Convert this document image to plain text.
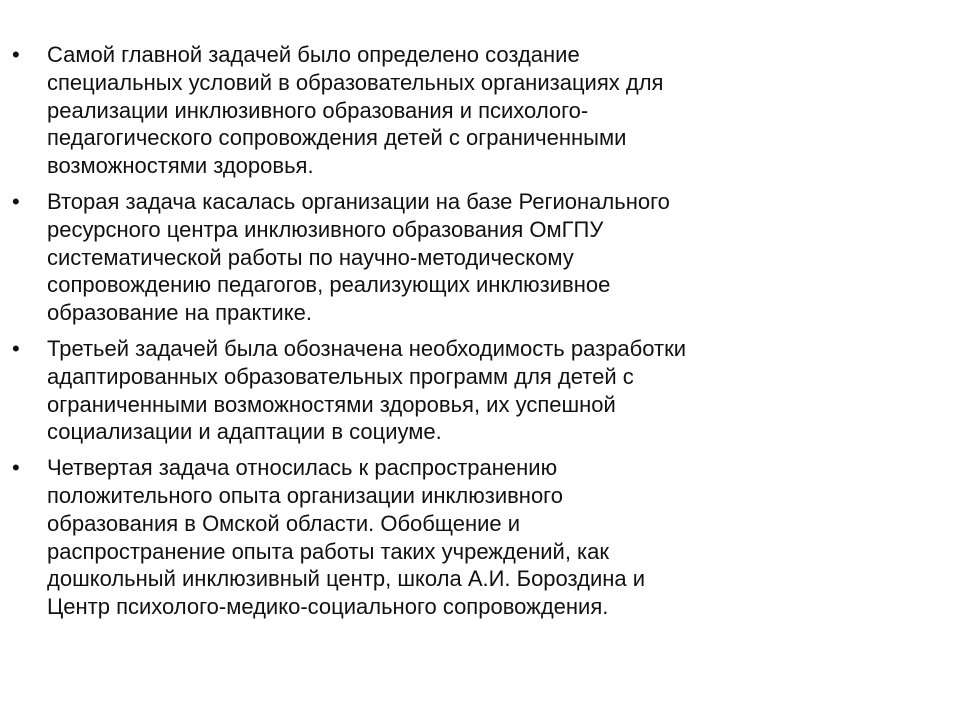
•
Самой главной задачей было определено создание
специальных условий в образовательных организациях для
реализации инклюзивного образования и психолого-
педагогического сопровождения детей с ограниченными
возможностями здоровья.
•
Вторая задача касалась организации на базе Регионального
ресурсного центра инклюзивного образования ОмГПУ
систематической работы по научно-методическому
сопровождению педагогов, реализующих инклюзивное
образование на практике.
•
Третьей задачей была обозначена необходимость разработки
адаптированных образовательных программ для детей с
ограниченными возможностями здоровья, их успешной
социализации и адаптации в социуме.
•
Четвертая задача относилась к распространению
положительного опыта организации инклюзивного
образования в Омской области. Обобщение и
распространение опыта работы таких учреждений, как
дошкольный инклюзивный центр, школа А.И. Бороздина и
Центр психолого-медико-социального сопровождения.
